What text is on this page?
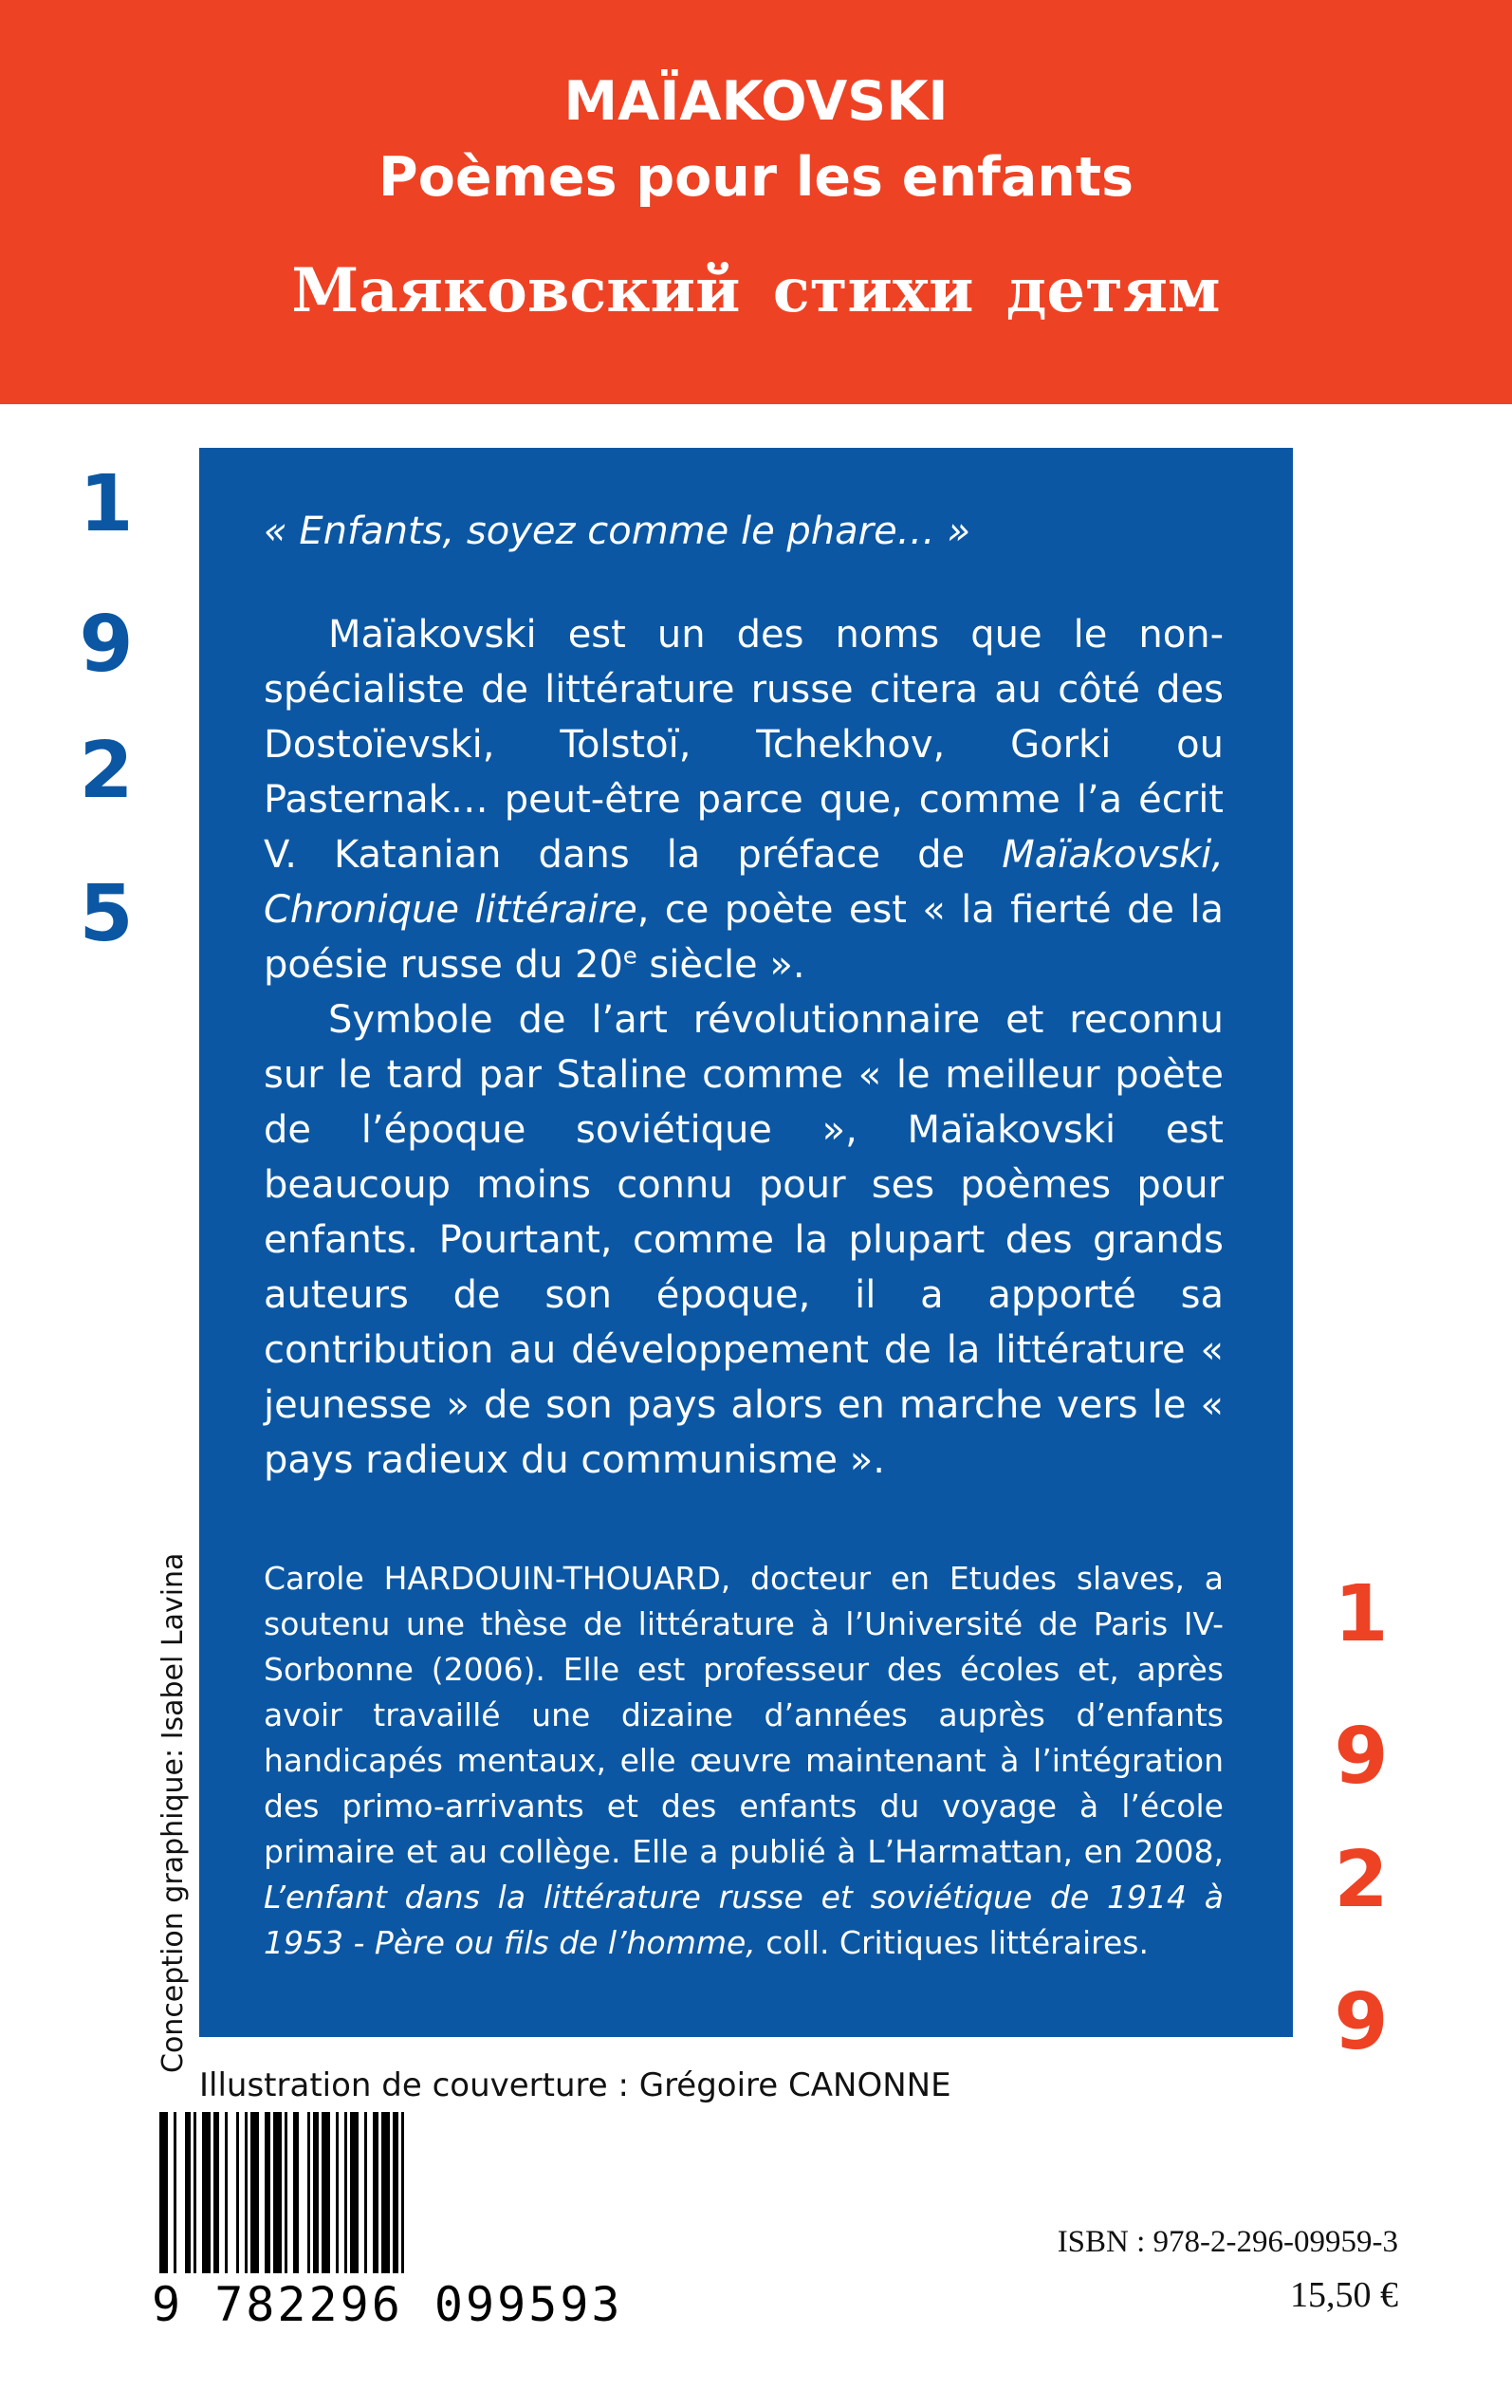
MAÏAKOVSKI
Poèmes pour les enfants
Маяковский стихи детям
1
9
2
5
« Enfants, soyez comme le phare… »

Maïakovski est un des noms que le non-spécialiste de littérature russe citera au côté des Dostoïevski, Tolstoï, Tchekhov, Gorki ou Pasternak… peut-être parce que, comme l’a écrit V. Katanian dans la préface de Maïakovski, Chronique littéraire, ce poète est « la fierté de la poésie russe du 20e siècle ».

Symbole de l’art révolutionnaire et reconnu sur le tard par Staline comme « le meilleur poète de l’époque soviétique », Maïakovski est beaucoup moins connu pour ses poèmes pour enfants. Pourtant, comme la plupart des grands auteurs de son époque, il a apporté sa contribution au développement de la littérature « jeunesse » de son pays alors en marche vers le « pays radieux du communisme ».

Carole HARDOUIN-THOUARD, docteur en Etudes slaves, a soutenu une thèse de littérature à l’Université de Paris IV-Sorbonne (2006). Elle est professeur des écoles et, après avoir travaillé une dizaine d’années auprès d’enfants handicapés mentaux, elle œuvre maintenant à l’intégration des primo-arrivants et des enfants du voyage à l’école primaire et au collège. Elle a publié à L’Harmattan, en 2008, L’enfant dans la littérature russe et soviétique de 1914 à 1953 - Père ou fils de l’homme, coll. Critiques littéraires.

1
9
2
9
Conception graphique: Isabel Lavina
Illustration de couverture : Grégoire CANONNE
9 782296 099593
ISBN : 978-2-296-09959-3
15,50 €
